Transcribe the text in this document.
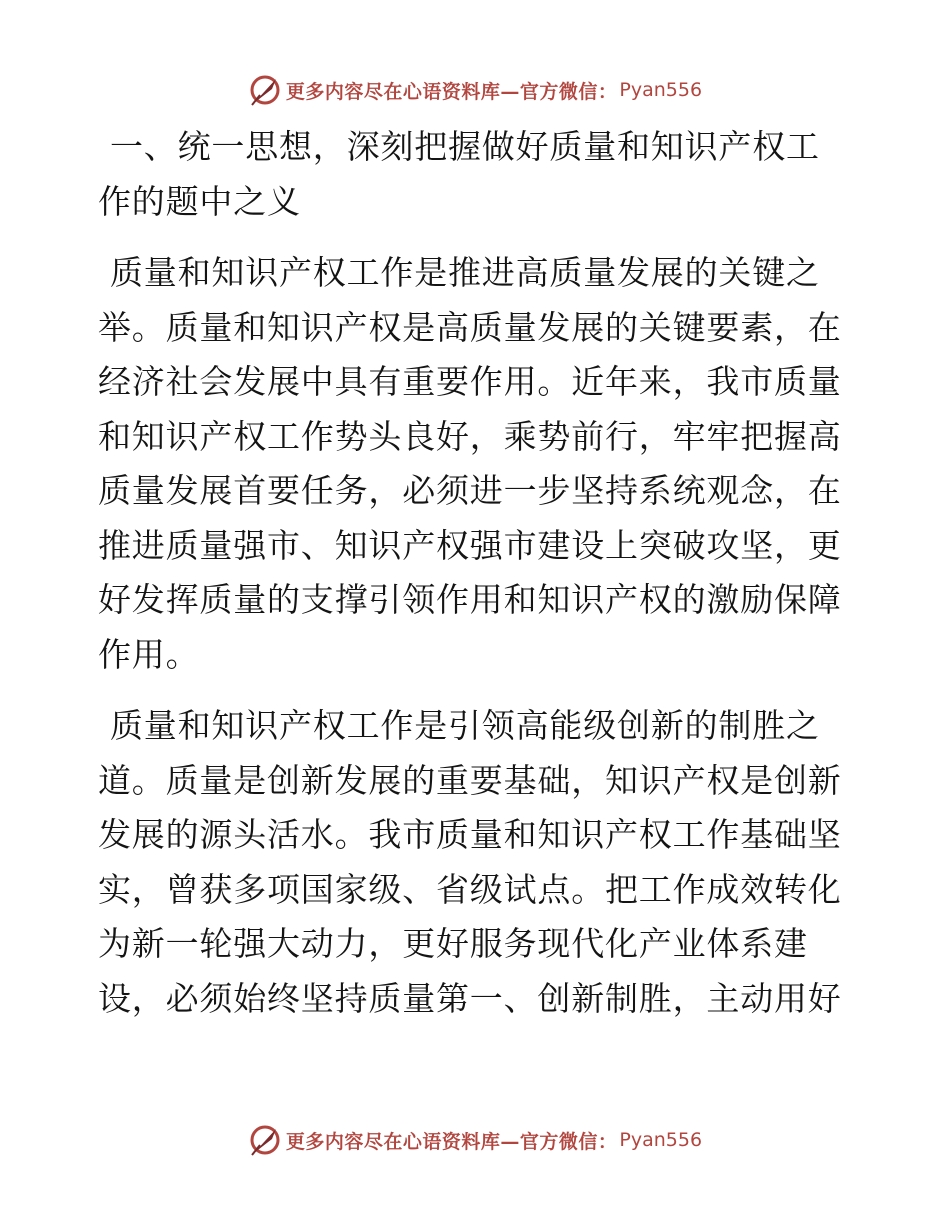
更多内容尽在心语资料库—官方微信： Pyan556
一、统一思想，深刻把握做好质量和知识产权工
作的题中之义
质量和知识产权工作是推进高质量发展的关键之
举。质量和知识产权是高质量发展的关键要素，在
经济社会发展中具有重要作用。近年来，我市质量
和知识产权工作势头良好，乘势前行，牢牢把握高
质量发展首要任务，必须进一步坚持系统观念，在
推进质量强市、知识产权强市建设上突破攻坚，更
好发挥质量的支撑引领作用和知识产权的激励保障
作用。
质量和知识产权工作是引领高能级创新的制胜之
道。质量是创新发展的重要基础，知识产权是创新
发展的源头活水。我市质量和知识产权工作基础坚
实，曾获多项国家级、省级试点。把工作成效转化
为新一轮强大动力，更好服务现代化产业体系建
设，必须始终坚持质量第一、创新制胜，主动用好
更多内容尽在心语资料库—官方微信： Pyan556
